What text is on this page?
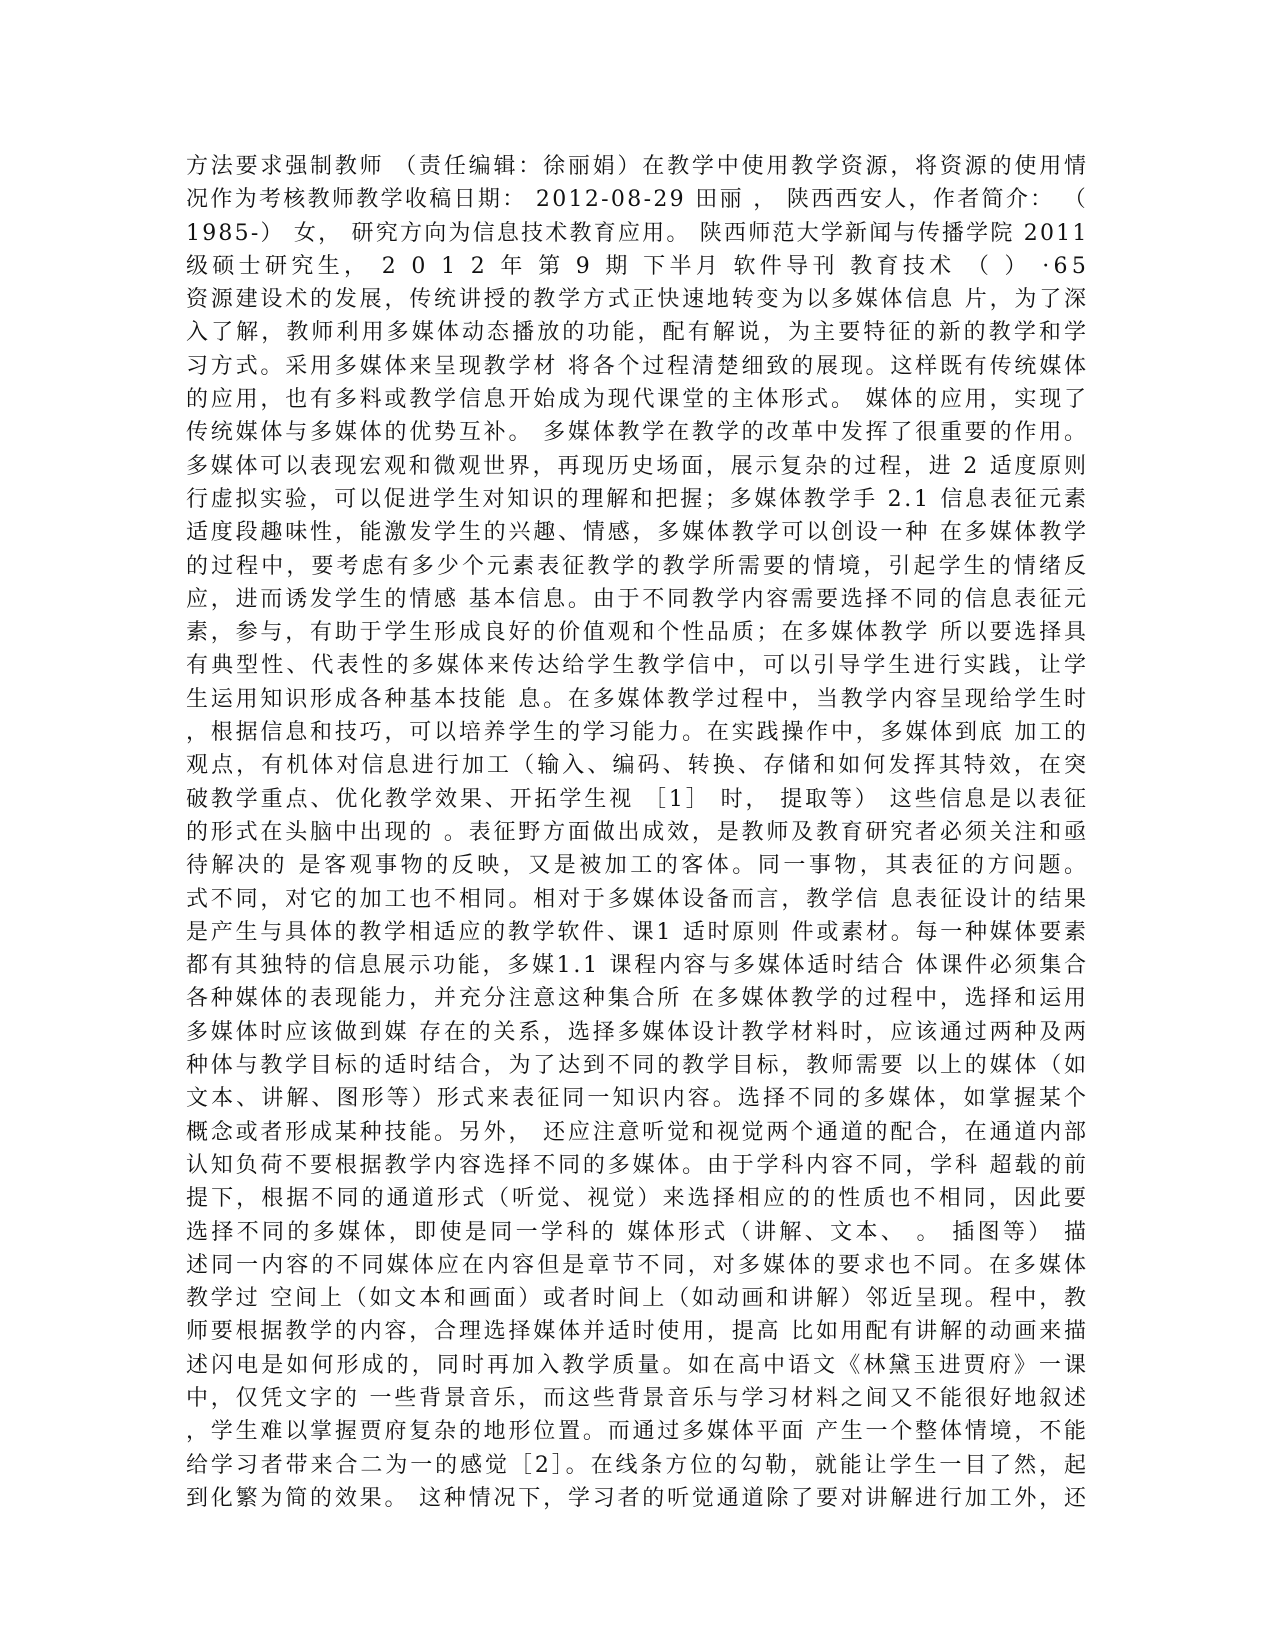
方法要求强制教师 （责任编辑：徐丽娟）在教学中使用教学资源，将资源的使用情
况作为考核教师教学收稿日期： 2012-08-29 田丽 ， 陕西西安人，作者简介： （
1985-） 女， 研究方向为信息技术教育应用。 陕西师范大学新闻与传播学院 2011
级硕士研究生， 2 0 1 2 年 第 9 期 下半月 软件导刊 教育技术 （ ） ·65
资源建设术的发展，传统讲授的教学方式正快速地转变为以多媒体信息 片，为了深
入了解，教师利用多媒体动态播放的功能，配有解说，为主要特征的新的教学和学
习方式。采用多媒体来呈现教学材 将各个过程清楚细致的展现。这样既有传统媒体
的应用，也有多料或教学信息开始成为现代课堂的主体形式。 媒体的应用，实现了
传统媒体与多媒体的优势互补。 多媒体教学在教学的改革中发挥了很重要的作用。
多媒体可以表现宏观和微观世界，再现历史场面，展示复杂的过程，进 2 适度原则
行虚拟实验，可以促进学生对知识的理解和把握；多媒体教学手 2.1 信息表征元素
适度段趣味性，能激发学生的兴趣、情感，多媒体教学可以创设一种 在多媒体教学
的过程中，要考虑有多少个元素表征教学的教学所需要的情境，引起学生的情绪反
应，进而诱发学生的情感 基本信息。由于不同教学内容需要选择不同的信息表征元
素，参与，有助于学生形成良好的价值观和个性品质；在多媒体教学 所以要选择具
有典型性、代表性的多媒体来传达给学生教学信中，可以引导学生进行实践，让学
生运用知识形成各种基本技能 息。在多媒体教学过程中，当教学内容呈现给学生时
，根据信息和技巧，可以培养学生的学习能力。在实践操作中，多媒体到底 加工的
观点，有机体对信息进行加工（输入、编码、转换、存储和如何发挥其特效，在突
破教学重点、优化教学效果、开拓学生视 ［1］ 时， 提取等） 这些信息是以表征
的形式在头脑中出现的 。表征野方面做出成效，是教师及教育研究者必须关注和亟
待解决的 是客观事物的反映，又是被加工的客体。同一事物，其表征的方问题。
式不同，对它的加工也不相同。相对于多媒体设备而言，教学信 息表征设计的结果
是产生与具体的教学相适应的教学软件、课1 适时原则 件或素材。每一种媒体要素
都有其独特的信息展示功能，多媒1.1 课程内容与多媒体适时结合 体课件必须集合
各种媒体的表现能力，并充分注意这种集合所 在多媒体教学的过程中，选择和运用
多媒体时应该做到媒 存在的关系，选择多媒体设计教学材料时，应该通过两种及两
种体与教学目标的适时结合，为了达到不同的教学目标，教师需要 以上的媒体（如
文本、讲解、图形等）形式来表征同一知识内容。选择不同的多媒体，如掌握某个
概念或者形成某种技能。另外， 还应注意听觉和视觉两个通道的配合，在通道内部
认知负荷不要根据教学内容选择不同的多媒体。由于学科内容不同，学科 超载的前
提下，根据不同的通道形式（听觉、视觉）来选择相应的的性质也不相同，因此要
选择不同的多媒体，即使是同一学科的 媒体形式（讲解、文本、 。 插图等） 描
述同一内容的不同媒体应在内容但是章节不同，对多媒体的要求也不同。在多媒体
教学过 空间上（如文本和画面）或者时间上（如动画和讲解）邻近呈现。程中，教
师要根据教学的内容，合理选择媒体并适时使用，提高 比如用配有讲解的动画来描
述闪电是如何形成的，同时再加入教学质量。如在高中语文《林黛玉进贾府》一课
中，仅凭文字的 一些背景音乐，而这些背景音乐与学习材料之间又不能很好地叙述
，学生难以掌握贾府复杂的地形位置。而通过多媒体平面 产生一个整体情境，不能
给学习者带来合二为一的感觉［2］。在线条方位的勾勒，就能让学生一目了然，起
到化繁为简的效果。 这种情况下，学习者的听觉通道除了要对讲解进行加工外，还
